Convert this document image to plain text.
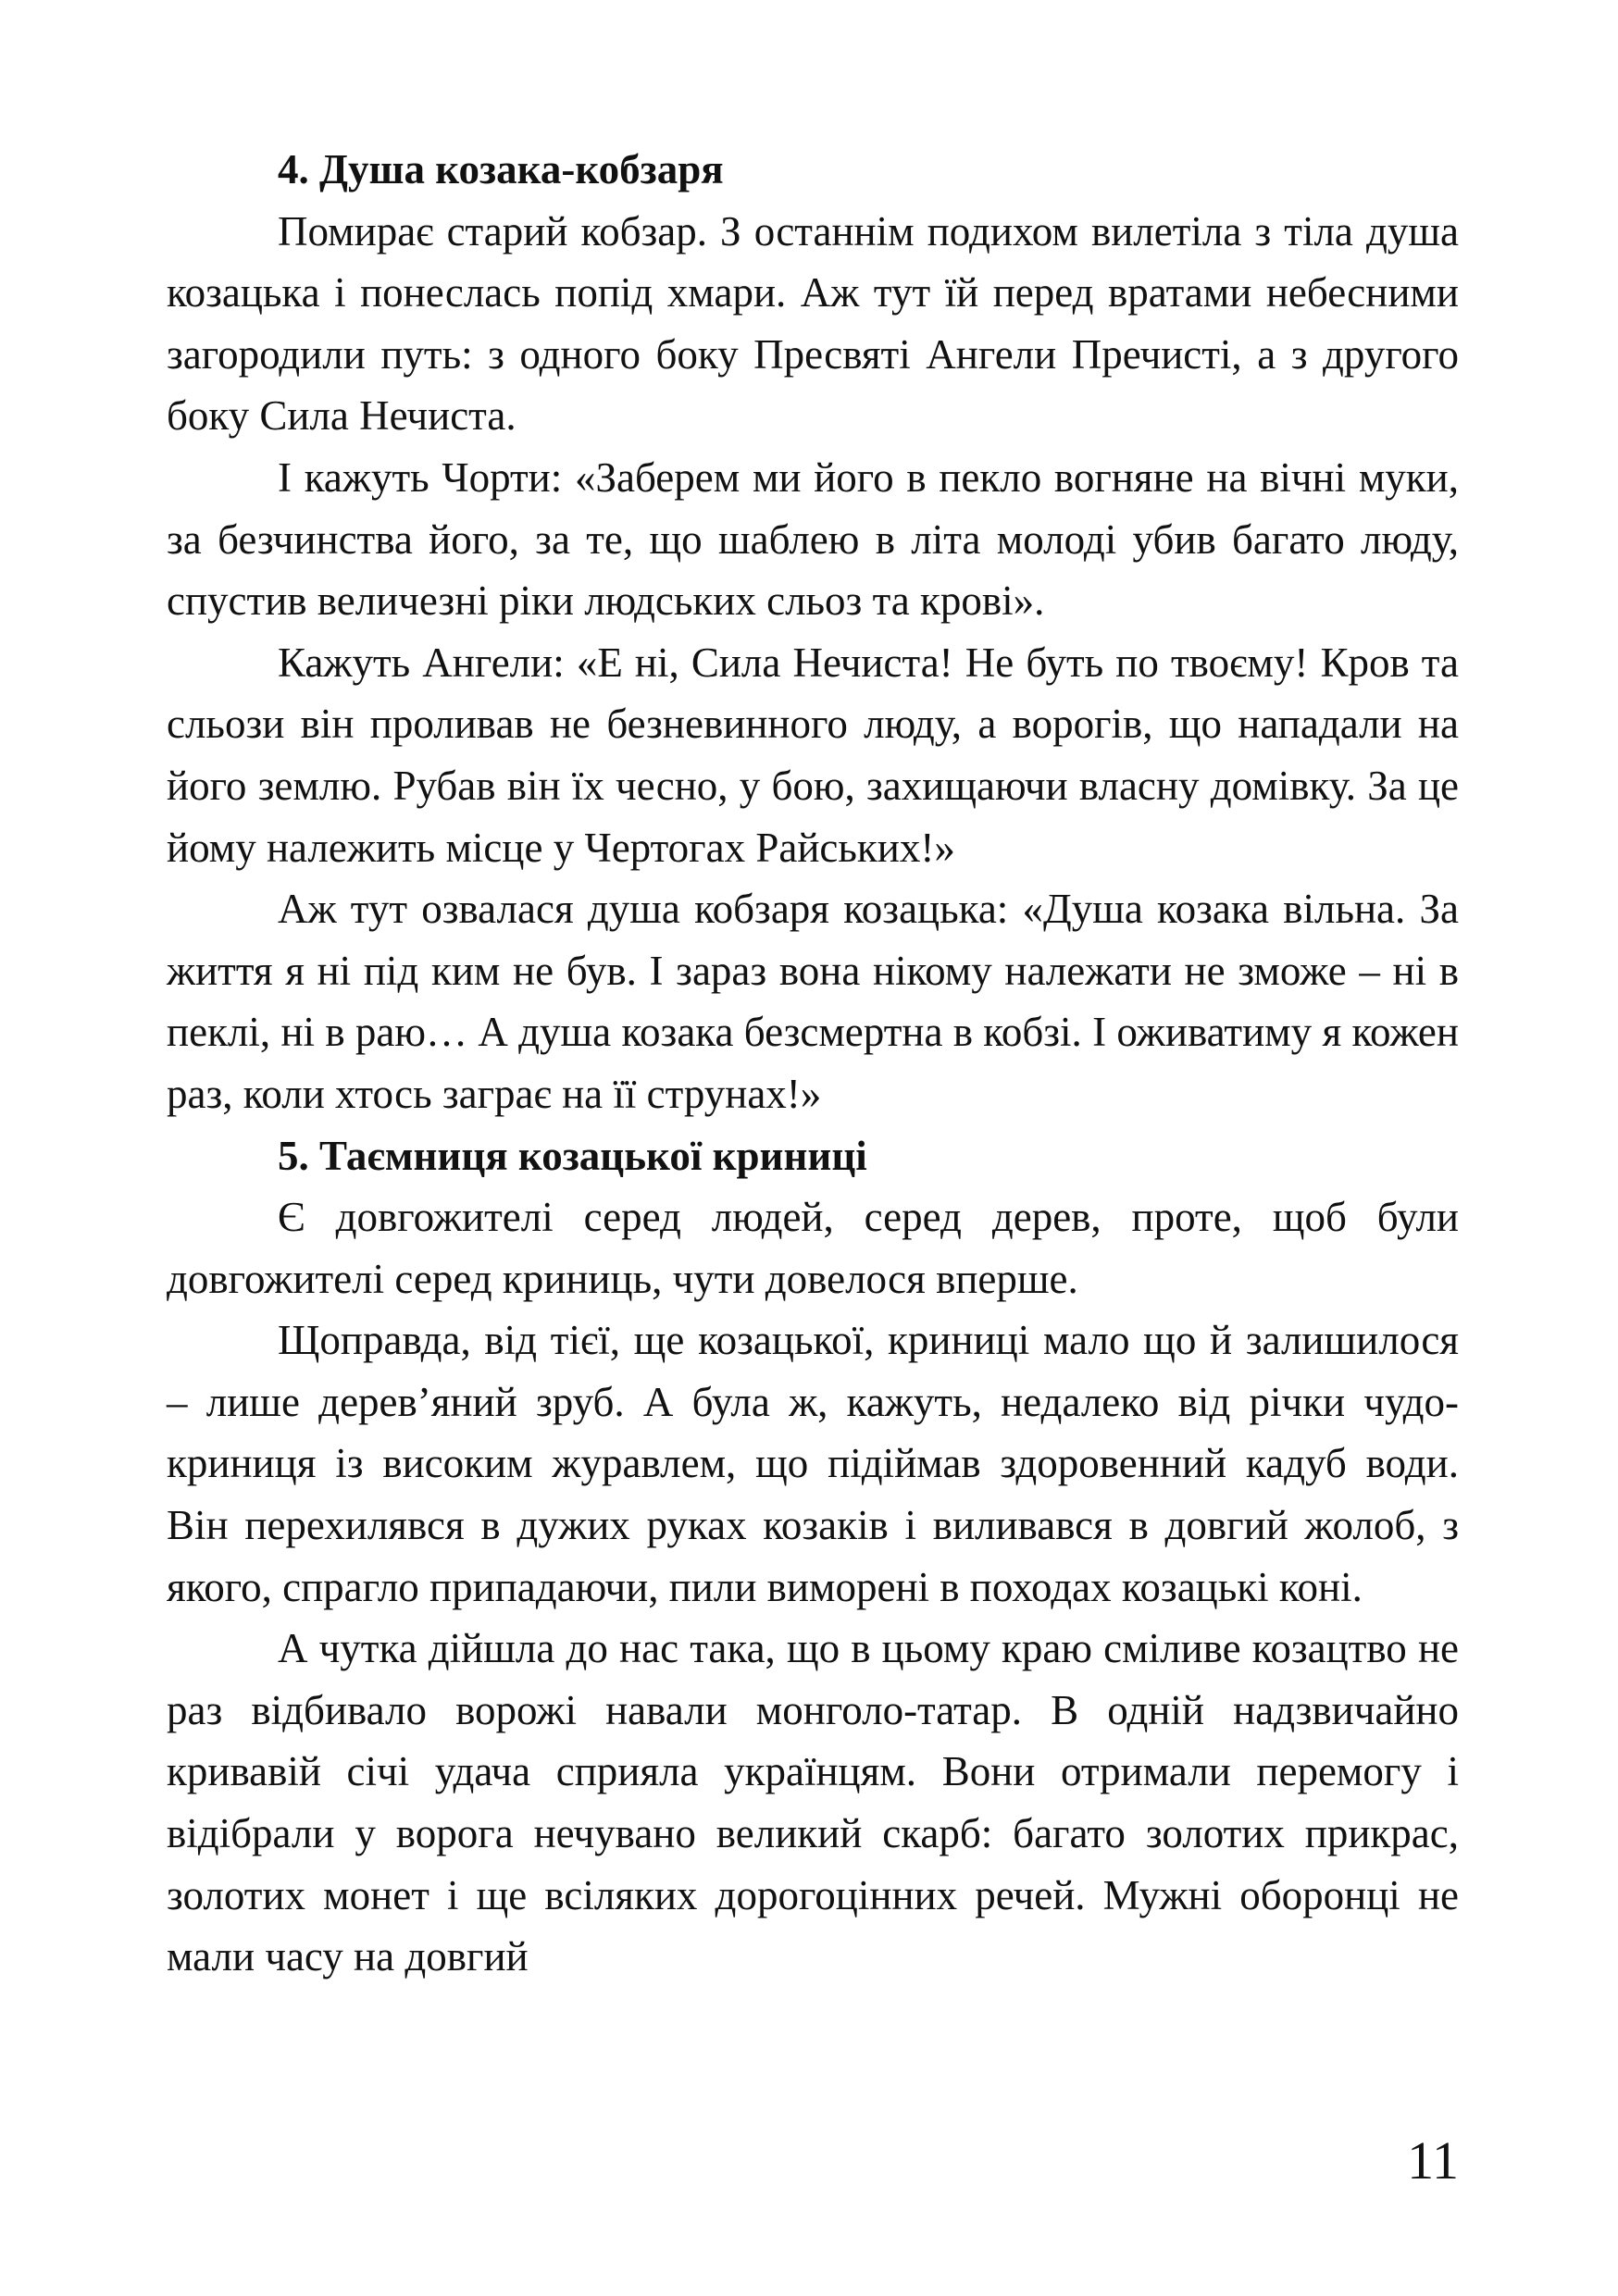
4. Душа козака-кобзаря

Помирає старий кобзар. З останнім подихом вилетіла з тіла душа козацька і понеслась попід хмари. Аж тут їй перед вратами небесними загородили путь: з одного боку Пресвяті Ангели Пречисті, а з другого боку Сила Нечиста.

І кажуть Чорти: «Заберем ми його в пекло вогняне на вічні муки, за безчинства його, за те, що шаблею в літа молоді убив багато люду, спустив величезні ріки людських сльоз та крові».

Кажуть Ангели: «Е ні, Сила Нечиста! Не буть по твоєму! Кров та сльози він проливав не безневинного люду, а ворогів, що нападали на його землю. Рубав він їх чесно, у бою, захищаючи власну домівку. За це йому належить місце у Чертогах Райських!»

Аж тут озвалася душа кобзаря козацька: «Душа козака вільна. За життя я ні під ким не був. І зараз вона нікому належати не зможе – ні в пеклі, ні в раю… А душа козака безсмертна в кобзі. І оживатиму я кожен раз, коли хтось заграє на її струнах!»

5. Таємниця козацької криниці

Є довгожителі серед людей, серед дерев, проте, щоб були довгожителі серед криниць, чути довелося вперше.

Щоправда, від тієї, ще козацької, криниці мало що й залишилося – лише дерев’яний зруб. А була ж, кажуть, недалеко від річки чудо-криниця із високим журавлем, що підіймав здоровенний кадуб води. Він перехилявся в дужих руках козаків і виливався в довгий жолоб, з якого, спрагло припадаючи, пили виморені в походах козацькі коні.

А чутка дійшла до нас така, що в цьому краю сміливе козацтво не раз відбивало ворожі навали монголо-татар. В одній надзвичайно кривавій січі удача сприяла українцям. Вони отримали перемогу і відібрали у ворога нечувано великий скарб: багато золотих прикрас, золотих монет і ще всіляких дорогоцінних речей. Мужні оборонці не мали часу на довгий

11
